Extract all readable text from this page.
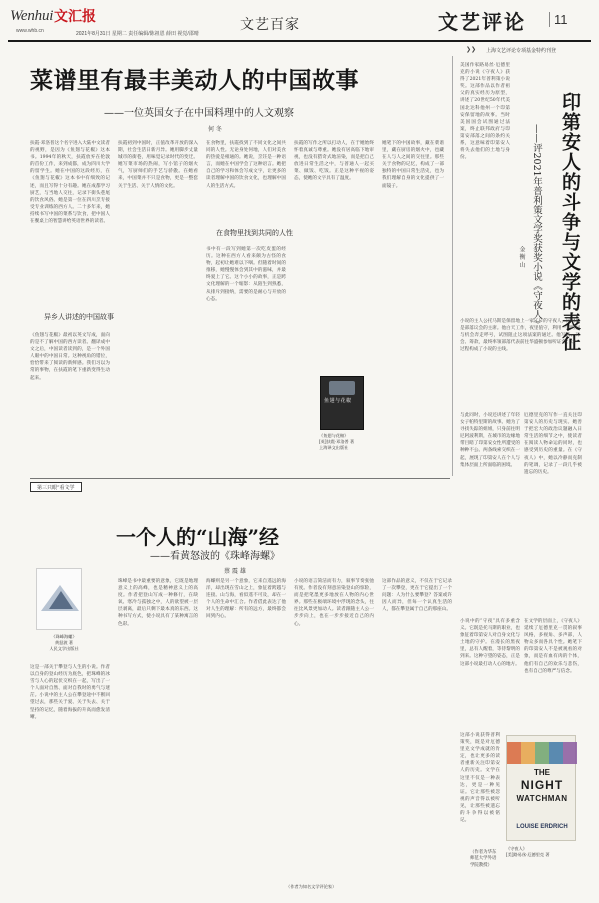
Wenhui 文汇报
www.whb.cn	2021年8月31日 星期二 责任编辑/陈祖恩 薛田 视觉/邵晴
文艺百家	文艺评论	11
❯❯ 上海文艺评论专项基金特约刊登
菜谱里有最丰美动人的中国故事
——一位英国女子在中国料理中的人文观察
何 冬
扶霞·邓洛普这个名字进入大陆中文读者的视野，是因为《鱼翅与花椒》这本书。1994年的秋天，扶霞放弃在伦敦的首份工作，来到成都，成为四川大学的留学生。她在中国的这段经历，在《鱼翅与花椒》这本书中有细致的记述，而且写得十分有趣。她在成都学习厨艺，与当地人交往，记录下街头巷尾的饮食风俗。她是第一位在四川烹专接受专业训练的西方人。二十多年来，她持续书写中国的菜系与饮食，把中国人在餐桌上的智慧讲给英语世界的读者。
异乡人讲述的中国故事
《鱼翅与花椒》最初以英文写成，面向的是不了解中国的西方读者。翻译成中文之后，中国读者读到的，是一个外国人眼中的中国日常。这种视角的错位，恰恰带来了阅读的新鲜感。我们习以为常的事物，在扶霞的笔下重新变得生动起来。
扶霞初到中国时，正值改革开放的深入期，社会生活日新月异。她用脚步丈量城市的街巷，用味觉记录时代的变迁。她写菜市场的热闹，写小馆子的烟火气，写厨师们的手艺与骄傲。在她看来，中国菜并不只是食物，更是一整套关于生活、关于人情的文化。
在食物里，扶霞找到了不同文化之间共同的人性。无论身处何地，人们对美食的热爱是相通的。她说，烹饪是一种语言，而她在中国学会了这种语言。她把自己的学习和体会写成文字，让更多的读者理解中国的饮食文化，也理解中国人的生活方式。
在食物里找到共同的人性
书中有一段写到她第一次吃皮蛋的经历。这种在西方人看来颇为古怪的食物，起初让她难以下咽。但随着时间的推移，她慢慢体会到其中的滋味，并最终爱上了它。这个小小的故事，正是跨文化理解的一个缩影：从陌生到熟悉，从排斥到接纳，需要的是耐心与开放的心态。
扶霞的写作之所以打动人，在于她始终怀着真诚与尊重。她没有居高临下地审视，也没有猎奇式地渲染，而是把自己放进日常生活之中，与普通人一起买菜、做饭、吃饭。正是这种平视的姿态，使她的文字具有了温度。
她笔下的中国故事，藏在菜谱里，藏在厨房的烟火中，也藏在人与人之间的交往里。那些关于食物的记忆，构成了一部独特的中国日常生活史，也为我们理解自身的文化提供了一面镜子。
鱼翅与花椒
《鱼翅与花椒》
[英]扶霞·邓洛普 著
上海译文出版社
第三只眼”看文学
一个人的“山海”经
——看黄怒波的《珠峰海螺》
蔡 震 雄
《珠峰海螺》
黄怒波 著
人民文学出版社
这是一部关于攀登与人生的小说。作者以自身的登山经历为底色，把珠峰的冰雪与人心的起伏交织在一起，写出了一个人面对自然、面对自我时的勇气与迷茫。小说中的主人公在攀登途中不断回望过去，那些关于爱、关于失去、关于坚持的记忆，随着海拔的升高而愈发清晰。
珠峰是书中最重要的意象，它既是地理意义上的高峰，也是精神意义上的高度。作者把登山写成一种修行，在缺氧、寒冷与孤独之中，人的欲望被一层层剥离，最后只剩下最本真的东西。这种书写方式，使小说具有了某种寓言的色彩。
海螺则是另一个意象，它来自遥远的海洋，却出现在雪山之上，象征着跨越与连接。山与海，看似遥不可及，却在一个人的生命中汇合。作者借此表达了他对人生的理解：所有的远方，最终都会回到内心。
小说的语言简洁而有力，叙事节奏张弛有度。作者没有刻意渲染登山的惊险，而是把笔墨更多地放在人物的内心世界。那些在极端环境中浮现的念头，往往比风景更加动人。读者跟随主人公一步步向上，也在一步步接近自己的内心。
这部作品的意义，不仅在于它记录了一次攀登，更在于它提出了一个问题：人为什么要攀登？答案或许因人而异，但每一个认真生活的人，都在攀登属于自己的那座山。
（作者为知名文学评论家）
印第安人的斗争与文学的表征
——评2021年普利策文学奖获奖小说《守夜人》
金 衡 山
美国作家路易丝·厄德里克的小说《守夜人》获得了2021年普利策小说奖。这部作品以作者祖父的真实经历为原型，讲述了20世纪50年代美国北达科他州一个印第安保留地的故事。当时美国国会试图通过法案，终止联邦政府与印第安部落之间的条约关系，这意味着印第安人将失去他们的土地与身份。
小说的主人公托马斯是保留地上一家工厂的守夜人，同时也是部落议会的主席。他白天工作，夜里值守，利用一切时间与机会奔走呼号，试图阻止这项法案的通过。他写信、开会、筹款，最终率领部落代表前往华盛顿参加听证会。这一过程构成了小说的主线。
与此同时，小说还讲述了年轻女子帕特里斯的故事。她为了寻找失踪的姐姐，只身前往明尼阿波利斯，在城市的边缘地带目睹了印第安女性所遭受的种种不公。两条线索交织在一起，展现了印第安人在个人与集体层面上所面临的困境。
厄德里克的写作一直关注印第安人的历史与现实。她善于把宏大的政治议题融入日常生活的细节之中，使读者在阅读人物命运的同时，也感受到历史的重量。在《守夜人》中，她以冷静而克制的笔调，记录了一段几乎被遗忘的历史。
小说中的“守夜”具有多重含义。它既是托马斯的职业，也象征着印第安人对自身文化与土地的守护。在漫长的黑夜里，总有人醒着，等待黎明的到来。这种守望的姿态，正是这部小说最打动人心的地方。
在文学的层面上，《守夜人》延续了厄德里克一贯的叙事风格，多视角、多声部，人物众多而各具个性。她笔下的印第安人不是被观看的对象，而是有血有肉的个体，他们有自己的欢乐与悲伤，也有自己的尊严与信念。
这部小说获得普利策奖，既是对厄德里克文学成就的肯定，也让更多的读者重新关注印第安人的历史。文学在这里不仅是一种表达，更是一种见证。它让那些被忽视的声音得以被听见，让那些被遗忘的斗争得以被铭记。
（作者为华东师范大学外语学院教授）
THE
NIGHT
WATCHMAN
LOUISE ERDRICH
《守夜人》
[美]路易丝·厄德里克 著
